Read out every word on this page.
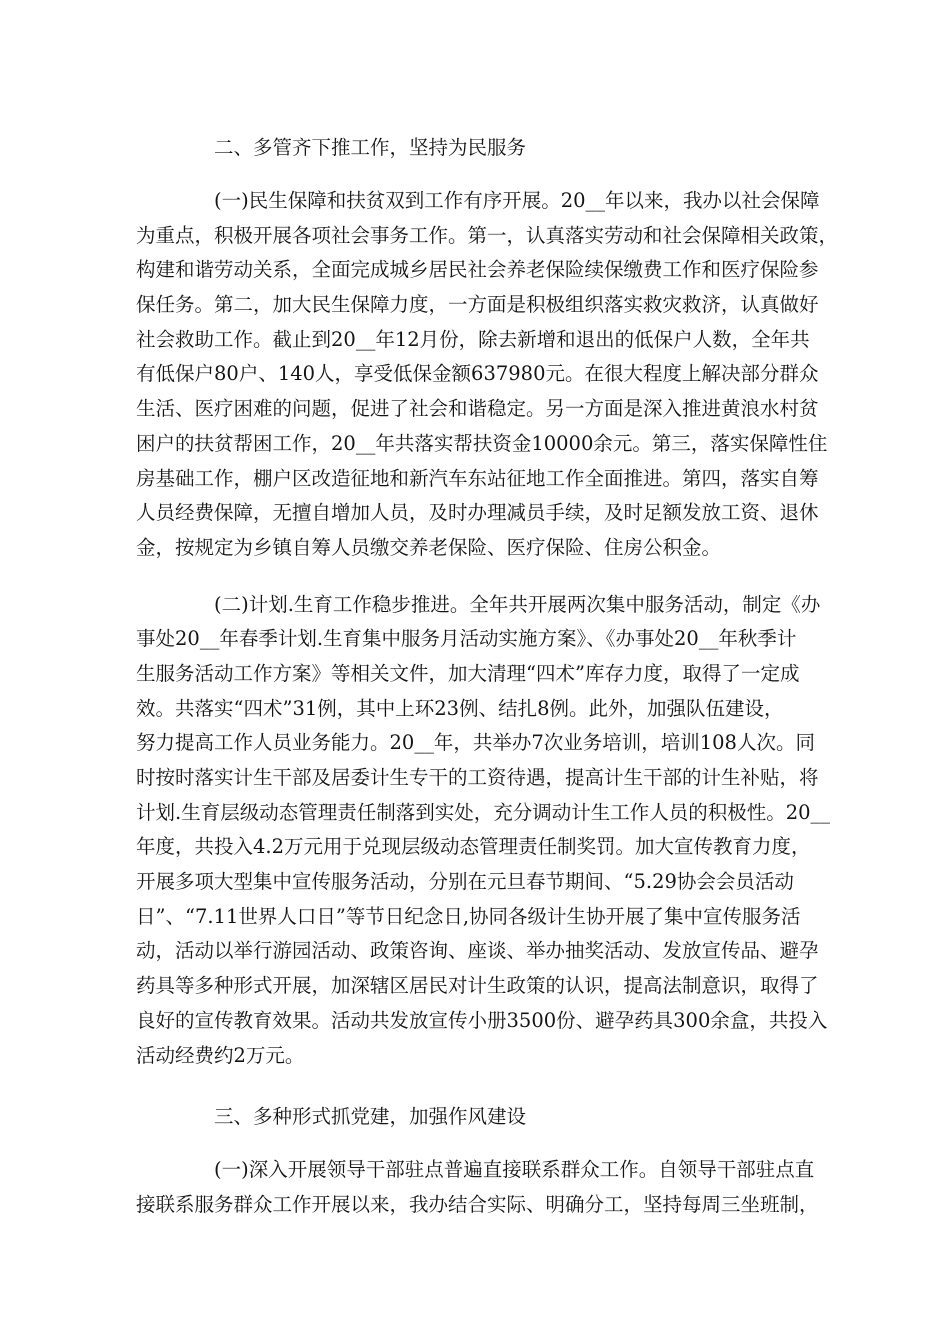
二、多管齐下推工作，坚持为民服务
(一)民生保障和扶贫双到工作有序开展。20__年以来，我办以社会保障
为重点，积极开展各项社会事务工作。第一，认真落实劳动和社会保障相关政策，
构建和谐劳动关系，全面完成城乡居民社会养老保险续保缴费工作和医疗保险参
保任务。第二，加大民生保障力度，一方面是积极组织落实救灾救济，认真做好
社会救助工作。截止到20__年12月份，除去新增和退出的低保户人数，全年共
有低保户80户、140人，享受低保金额637980元。在很大程度上解决部分群众
生活、医疗困难的问题，促进了社会和谐稳定。另一方面是深入推进黄浪水村贫
困户的扶贫帮困工作，20__年共落实帮扶资金10000余元。第三，落实保障性住
房基础工作，棚户区改造征地和新汽车东站征地工作全面推进。第四，落实自筹
人员经费保障，无擅自增加人员，及时办理减员手续，及时足额发放工资、退休
金，按规定为乡镇自筹人员缴交养老保险、医疗保险、住房公积金。
(二)计划.生育工作稳步推进。全年共开展两次集中服务活动，制定《办
事处20__年春季计划.生育集中服务月活动实施方案》、《办事处20__年秋季计
生服务活动工作方案》等相关文件，加大清理“四术”库存力度，取得了一定成
效。共落实“四术”31例，其中上环23例、结扎8例。此外，加强队伍建设，
努力提高工作人员业务能力。20__年，共举办7次业务培训，培训108人次。同
时按时落实计生干部及居委计生专干的工资待遇，提高计生干部的计生补贴，将
计划.生育层级动态管理责任制落到实处，充分调动计生工作人员的积极性。20__
年度，共投入4.2万元用于兑现层级动态管理责任制奖罚。加大宣传教育力度，
开展多项大型集中宣传服务活动，分别在元旦春节期间、“5.29协会会员活动
日”、“7.11世界人口日”等节日纪念日,协同各级计生协开展了集中宣传服务活
动，活动以举行游园活动、政策咨询、座谈、举办抽奖活动、发放宣传品、避孕
药具等多种形式开展，加深辖区居民对计生政策的认识，提高法制意识，取得了
良好的宣传教育效果。活动共发放宣传小册3500份、避孕药具300余盒，共投入
活动经费约2万元。
三、多种形式抓党建，加强作风建设
(一)深入开展领导干部驻点普遍直接联系群众工作。自领导干部驻点直
接联系服务群众工作开展以来，我办结合实际、明确分工，坚持每周三坐班制，
